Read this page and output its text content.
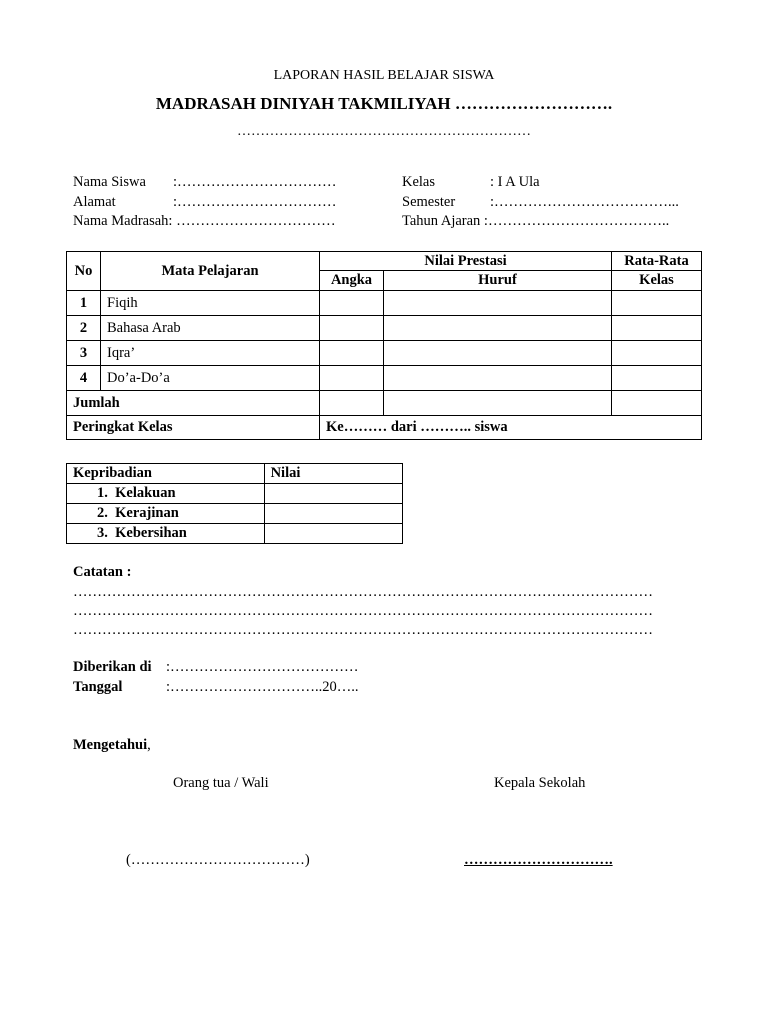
LAPORAN HASIL BELAJAR SISWA
MADRASAH DINIYAH TAKMILIYAH ……………………….
………………………………………………………
Nama Siswa :……………………………
Alamat	:……………………………
Nama Madrasah: ……………………………
Kelas	: I A Ula
Semester :………………………………...
Tahun Ajaran :………………………………..
No	Mata Pelajaran	Nilai Prestasi		Rata-Rata
		Angka	Huruf	Kelas
1	Fiqih			
2	Bahasa Arab			
3	Iqra’			
4	Do’a-Do’a			
Jumlah				
Peringkat Kelas		Ke……… dari ……….. siswa		
Kepribadian	Nilai
1. Kelakuan	
2. Kerajinan	
3. Kebersihan	
Catatan :
…………………………………………………………………………………………………………
…………………………………………………………………………………………………………
…………………………………………………………………………………………………………
Diberikan di :…………………………………
Tanggal	:…………………………..20…..
Mengetahui,
Orang tua / Wali	Kepala Sekolah
(………………………………)	………………………….
